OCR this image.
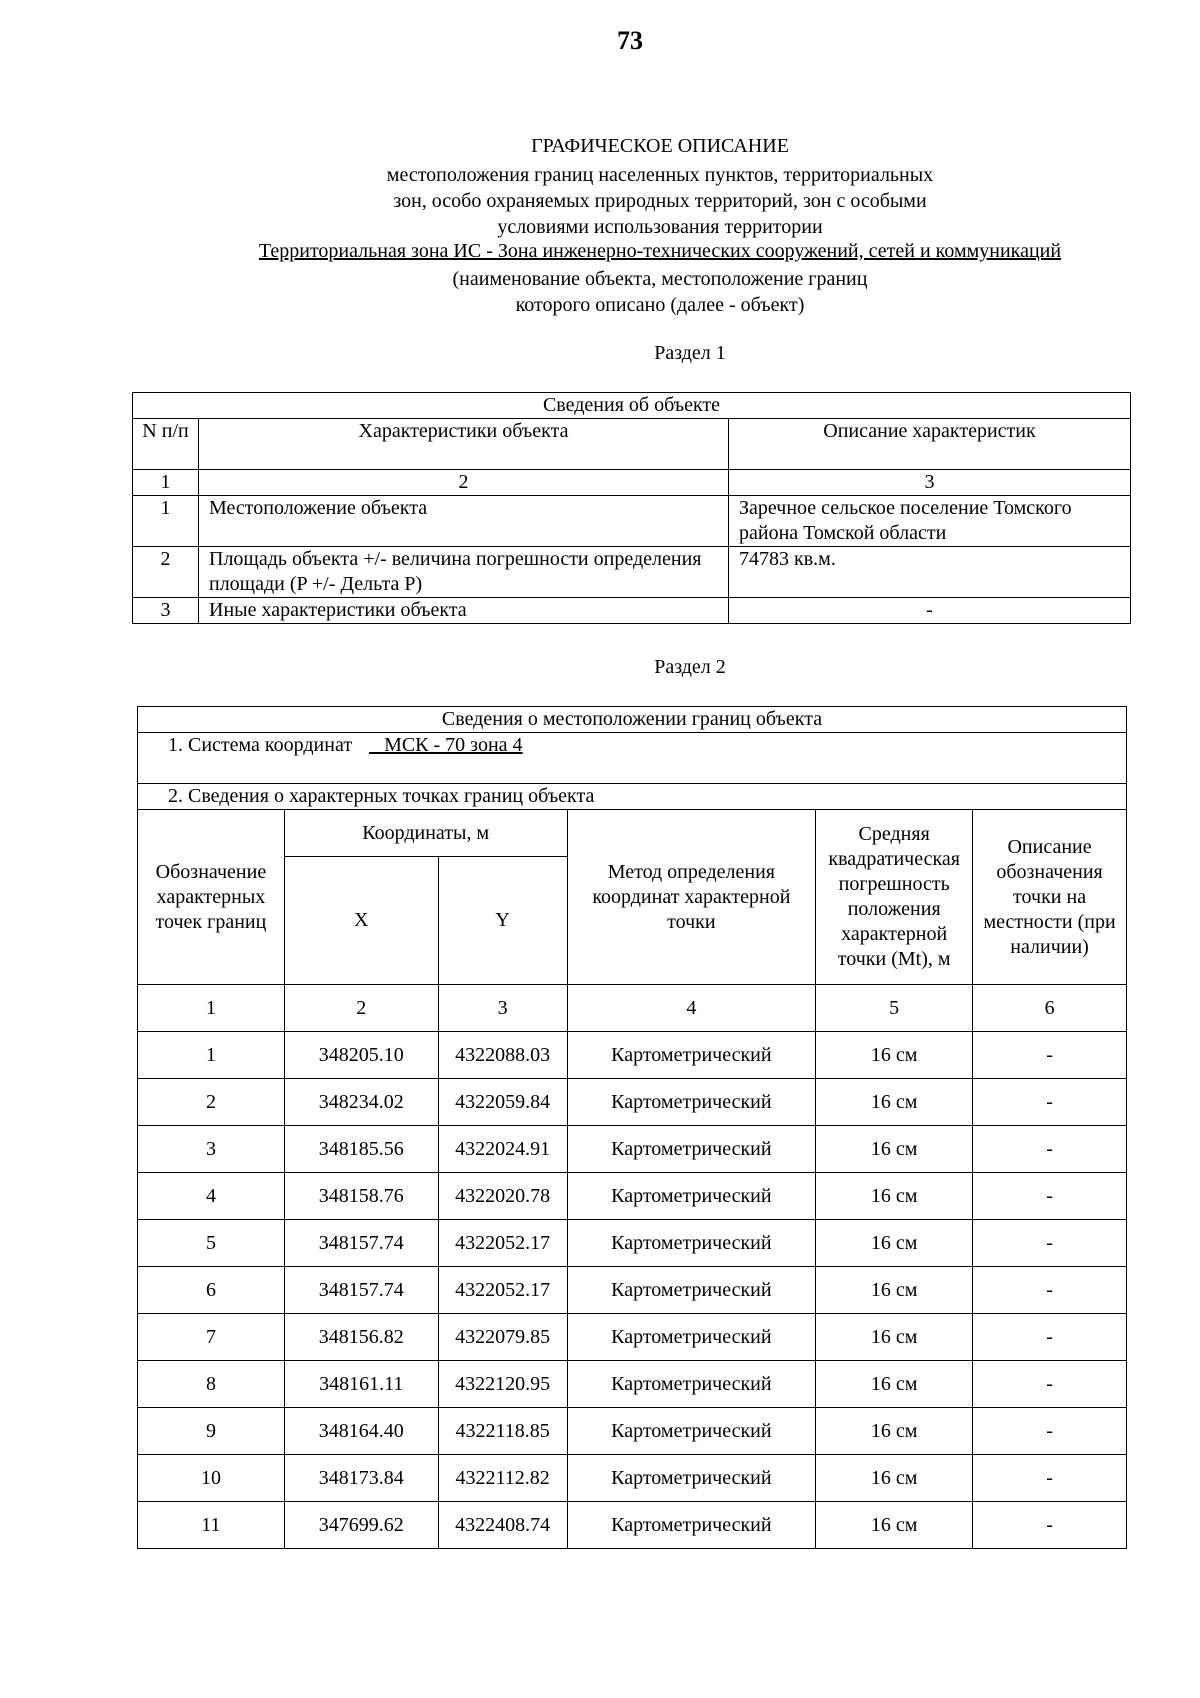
73
ГРАФИЧЕСКОЕ ОПИСАНИЕ
местоположения границ населенных пунктов, территориальных
зон, особо охраняемых природных территорий, зон с особыми
условиями использования территории
Территориальная зона ИС - Зона инженерно-технических сооружений, сетей и коммуникаций
(наименование объекта, местоположение границ
которого описано (далее - объект)
Раздел 1
Сведения об объекте		
N п/п	Характеристики объекта	Описание характеристик
1	2	3
1	Местоположение объекта	Заречное сельское поселение Томского района Томской области
2	Площадь объекта +/- величина погрешности определения площади (P +/- Дельта P)	74783 кв.м.
3	Иные характеристики объекта	-
Раздел 2
Сведения о местоположении границ объекта					
1. Система координат МСК - 70 зона 4					
2. Сведения о характерных точках границ объекта					
Обозначение характерных точек границ	Координаты, м		Метод определения координат характерной точки	Средняя квадратическая погрешность положения характерной точки (Mt), м	Описание обозначения точки на местности (при наличии)
	X	Y			
1	2	3	4	5	6
1	348205.10	4322088.03	Картометрический	16 см	-
2	348234.02	4322059.84	Картометрический	16 см	-
3	348185.56	4322024.91	Картометрический	16 см	-
4	348158.76	4322020.78	Картометрический	16 см	-
5	348157.74	4322052.17	Картометрический	16 см	-
6	348157.74	4322052.17	Картометрический	16 см	-
7	348156.82	4322079.85	Картометрический	16 см	-
8	348161.11	4322120.95	Картометрический	16 см	-
9	348164.40	4322118.85	Картометрический	16 см	-
10	348173.84	4322112.82	Картометрический	16 см	-
11	347699.62	4322408.74	Картометрический	16 см	-
